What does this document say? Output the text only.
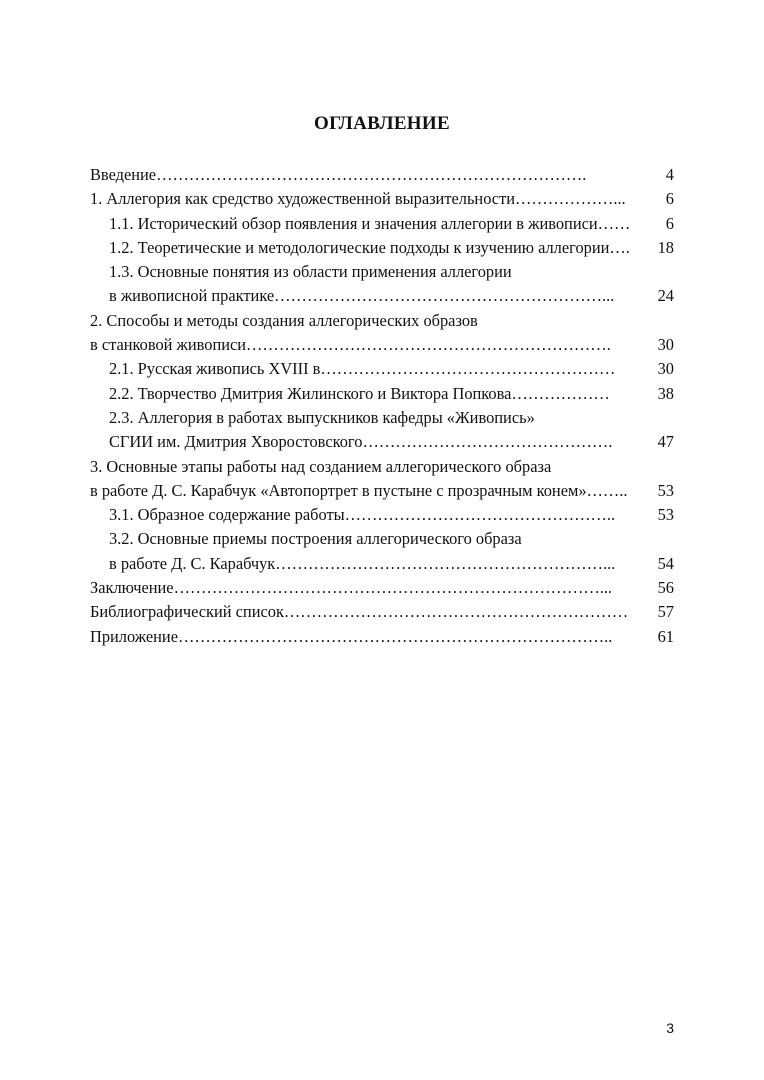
ОГЛАВЛЕНИЕ
Введение…………………………………………………………………….	4
1. Аллегория как средство художественной выразительности………………... 6
1.1. Исторический обзор появления и значения аллегории в живописи…… 6
1.2. Теоретические и методологические подходы к изучению аллегории…. 18
1.3. Основные понятия из области применения аллегории
в живописной практике……………………………………………………...	24
2. Способы и методы создания аллегорических образов
в станковой живописи………………………………………………………….	30
2.1. Русская живопись XVIII в………………………………………………	30
2.2. Творчество Дмитрия Жилинского и Виктора Попкова………………	38
2.3. Аллегория в работах выпускников кафедры «Живопись»
СГИИ им. Дмитрия Хворостовского……………………………………….	47
3. Основные этапы работы над созданием аллегорического образа
в работе Д. С. Карабчук «Автопортрет в пустыне с прозрачным конем»…….. 53
3.1. Образное содержание работы…………………………………………..	53
3.2. Основные приемы построения аллегорического образа
в работе Д. С. Карабчук……………………………………………………...	54
Заключение……………………………………………………………………...	56
Библиографический список……………………………………………………… 57
Приложение……………………………………………………………………..	61
3
